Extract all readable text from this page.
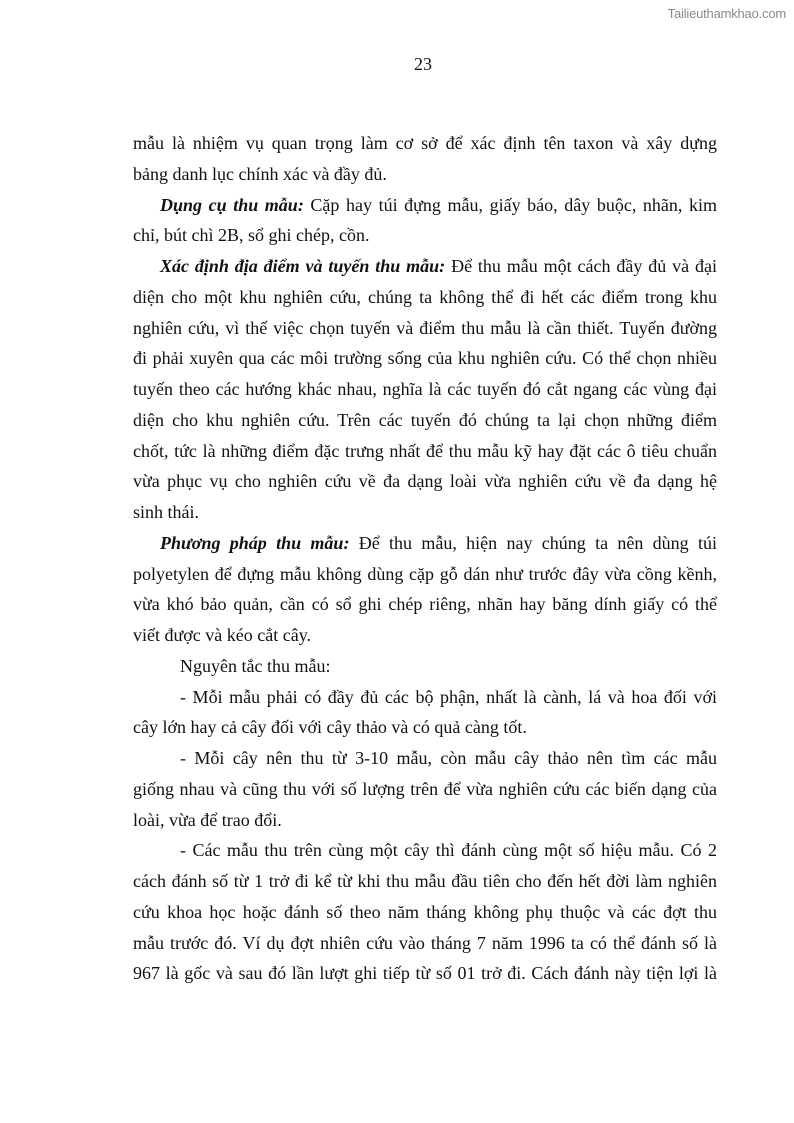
Tailieuthamkhao.com
23
mẫu là nhiệm vụ quan trọng làm cơ sở để xác định tên taxon và xây dựng
bảng danh lục chính xác và đầy đủ.
Dụng cụ thu mẫu: Cặp hay túi đựng mẫu, giấy báo, dây buộc, nhãn, kim
chỉ, bút chì 2B, sổ ghi chép, cồn.
Xác định địa điểm và tuyến thu mẫu: Để thu mẫu một cách đầy đủ và đại
diện cho một khu nghiên cứu, chúng ta không thể đi hết các điểm trong khu
nghiên cứu, vì thế việc chọn tuyến và điểm thu mẫu là cần thiết. Tuyến đường
đi phải xuyên qua các môi trường sống của khu nghiên cứu. Có thể chọn nhiều
tuyến theo các hướng khác nhau, nghĩa là các tuyến đó cắt ngang các vùng đại
diện cho khu nghiên cứu. Trên các tuyến đó chúng ta lại chọn những điểm
chốt, tức là những điểm đặc trưng nhất để thu mẫu kỹ hay đặt các ô tiêu chuẩn
vừa phục vụ cho nghiên cứu về đa dạng loài vừa nghiên cứu về đa dạng hệ
sinh thái.
Phương pháp thu mẫu: Để thu mẫu, hiện nay chúng ta nên dùng túi
polyetylen để đựng mẫu không dùng cặp gỗ dán như trước đây vừa cồng kềnh,
vừa khó bảo quản, cần có sổ ghi chép riêng, nhãn hay băng dính giấy có thể
viết được và kéo cắt cây.
Nguyên tắc thu mẫu:
- Mỗi mẫu phải có đầy đủ các bộ phận, nhất là cành, lá và hoa đối với
cây lớn hay cả cây đối với cây thảo và có quả càng tốt.
- Mỗi cây nên thu từ 3-10 mẫu, còn mẫu cây thảo nên tìm các mẫu
giống nhau và cũng thu với số lượng trên để vừa nghiên cứu các biến dạng của
loài, vừa để trao đổi.
- Các mẫu thu trên cùng một cây thì đánh cùng một số hiệu mẫu. Có 2
cách đánh số từ 1 trở đi kể từ khi thu mẫu đầu tiên cho đến hết đời làm nghiên
cứu khoa học hoặc đánh số theo năm tháng không phụ thuộc và các đợt thu
mẫu trước đó. Ví dụ đợt nhiên cứu vào tháng 7 năm 1996 ta có thể đánh số là
967 là gốc và sau đó lần lượt ghi tiếp từ số 01 trở đi. Cách đánh này tiện lợi là
